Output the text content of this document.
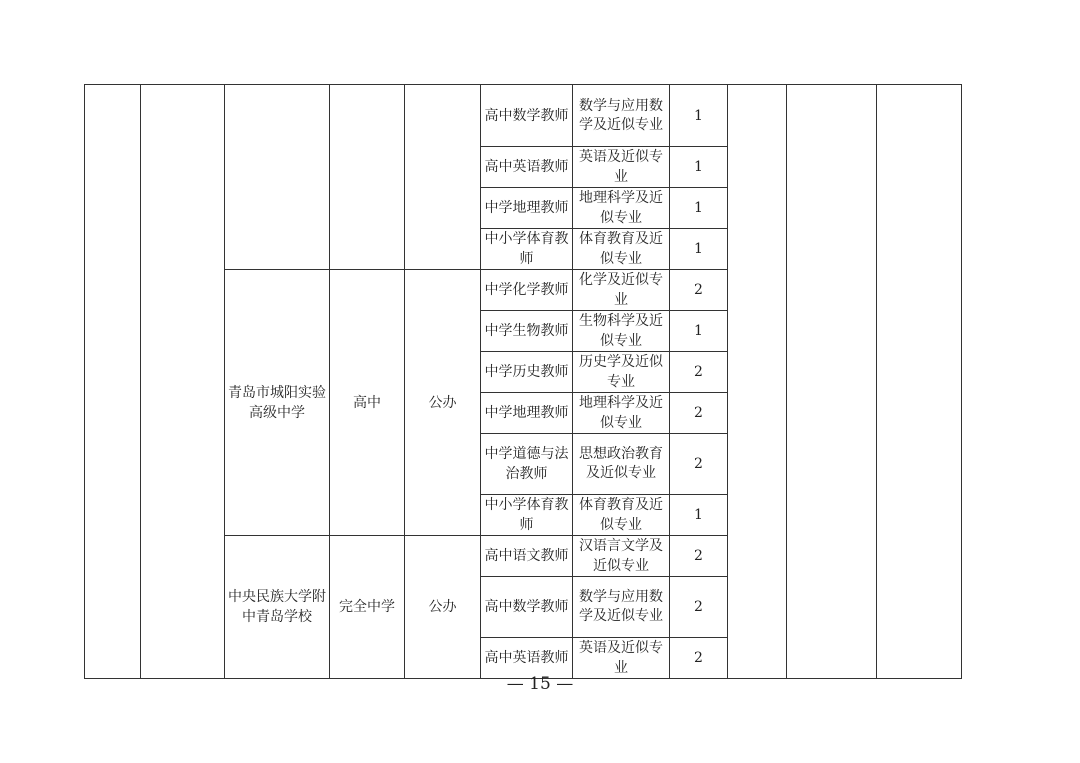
					高中数学教师	数学与应用数学及近似专业	1			
					高中英语教师	英语及近似专业	1			
					中学地理教师	地理科学及近似专业	1			
					中小学体育教师	体育教育及近似专业	1			
		青岛市城阳实验高级中学	高中	公办	中学化学教师	化学及近似专业	2			
					中学生物教师	生物科学及近似专业	1			
					中学历史教师	历史学及近似专业	2			
					中学地理教师	地理科学及近似专业	2			
					中学道德与法治教师	思想政治教育及近似专业	2			
					中小学体育教师	体育教育及近似专业	1			
		中央民族大学附中青岛学校	完全中学	公办	高中语文教师	汉语言文学及近似专业	2			
					高中数学教师	数学与应用数学及近似专业	2			
					高中英语教师	英语及近似专业	2			
— 15 —
